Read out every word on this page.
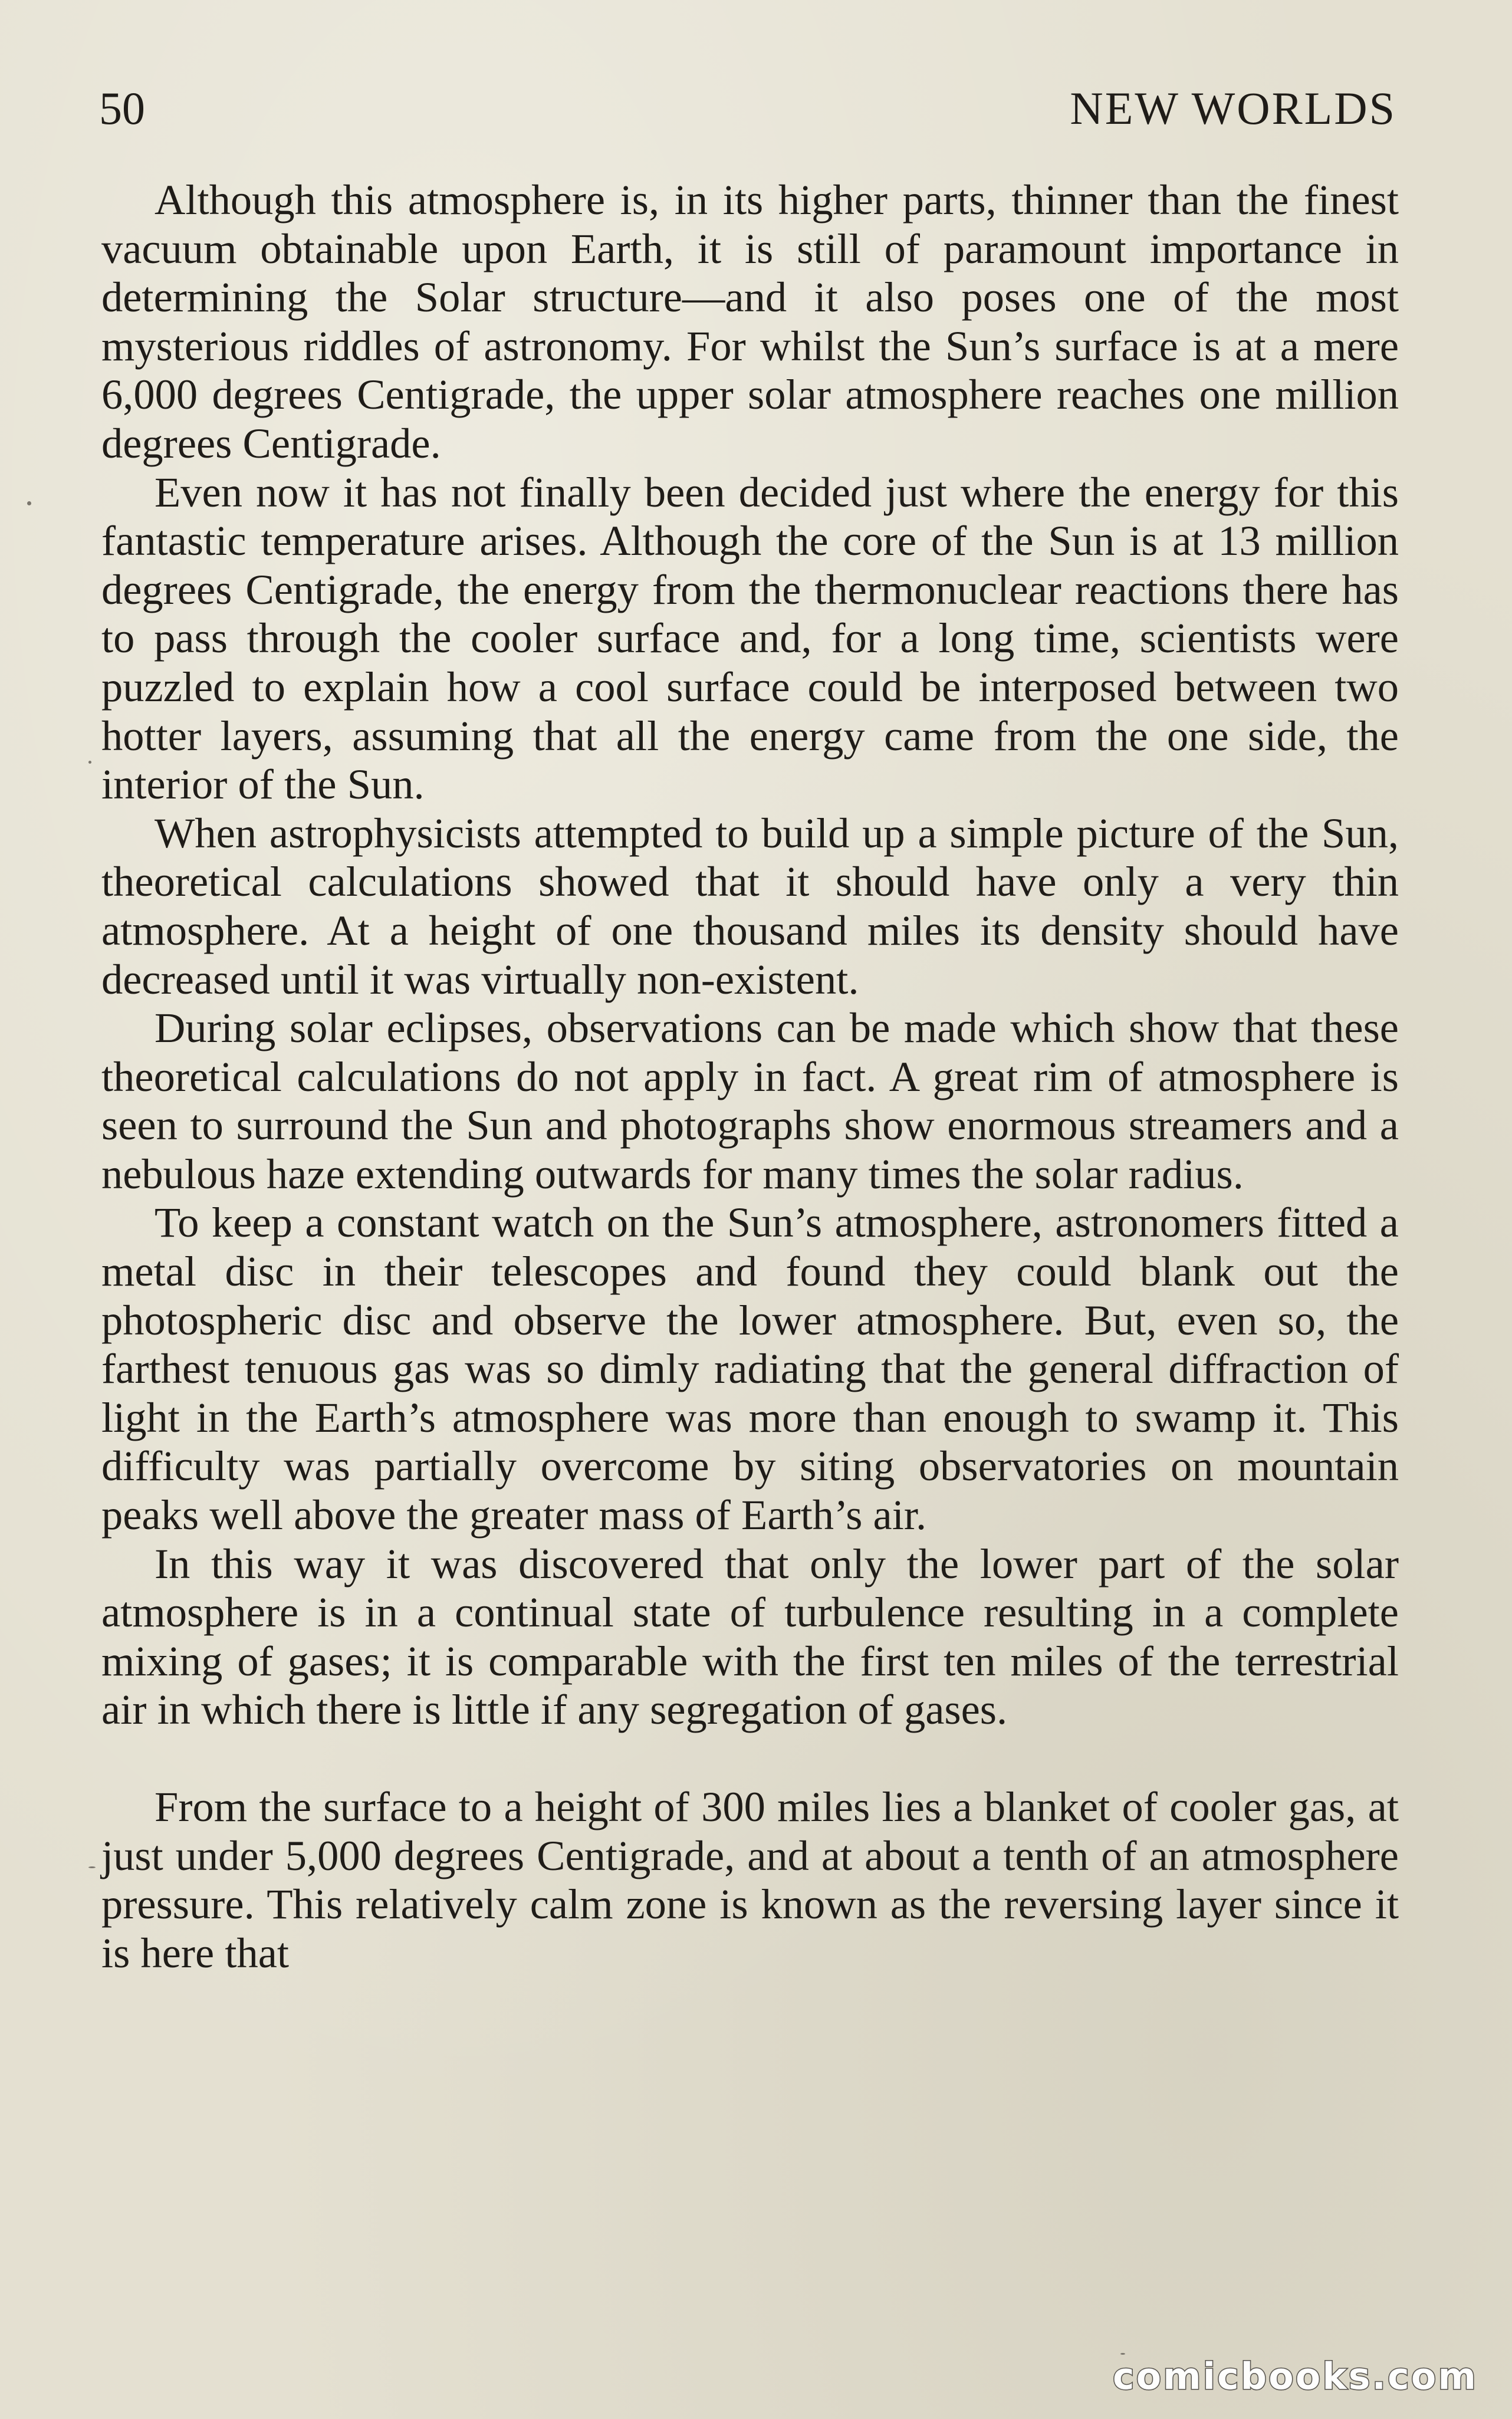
50	NEW WORLDS

Although this atmosphere is, in its higher parts, thinner than the finest vacuum obtainable upon Earth, it is still of paramount importance in determining the Solar structure—and it also poses one of the most mysterious riddles of astronomy. For whilst the Sun’s surface is at a mere 6,000 degrees Centigrade, the upper solar atmosphere reaches one million degrees Centigrade.

Even now it has not finally been decided just where the energy for this fantastic temperature arises. Although the core of the Sun is at 13 million degrees Centigrade, the energy from the thermonuclear reactions there has to pass through the cooler surface and, for a long time, scientists were puzzled to explain how a cool surface could be interposed between two hotter layers, assuming that all the energy came from the one side, the interior of the Sun.

When astrophysicists attempted to build up a simple picture of the Sun, theoretical calculations showed that it should have only a very thin atmosphere. At a height of one thousand miles its density should have decreased until it was virtually non-existent.

During solar eclipses, observations can be made which show that these theoretical calculations do not apply in fact. A great rim of atmosphere is seen to surround the Sun and photographs show enormous streamers and a nebulous haze extending outwards for many times the solar radius.

To keep a constant watch on the Sun’s atmosphere, astronomers fitted a metal disc in their telescopes and found they could blank out the photospheric disc and observe the lower atmosphere. But, even so, the farthest tenuous gas was so dimly radiating that the general diffraction of light in the Earth’s atmosphere was more than enough to swamp it. This difficulty was partially overcome by siting observatories on mountain peaks well above the greater mass of Earth’s air.

In this way it was discovered that only the lower part of the solar atmosphere is in a continual state of turbulence resulting in a complete mixing of gases; it is comparable with the first ten miles of the terrestrial air in which there is little if any segregation of gases.

From the surface to a height of 300 miles lies a blanket of cooler gas, at just under 5,000 degrees Centigrade, and at about a tenth of an atmosphere pressure. This relatively calm zone is known as the reversing layer since it is here that

comicbooks.com
